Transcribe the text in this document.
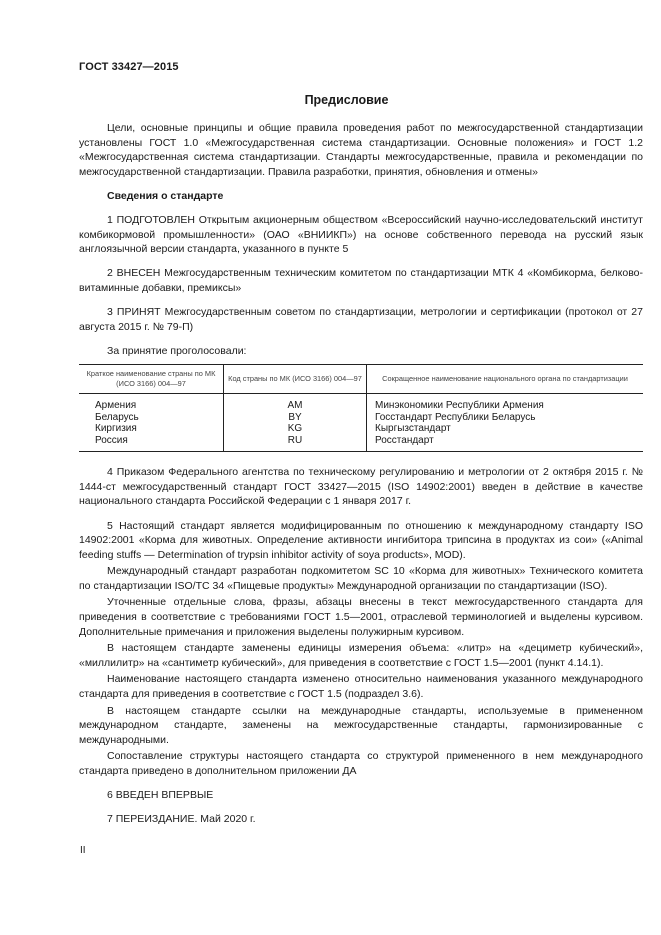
ГОСТ 33427—2015
Предисловие

Цели, основные принципы и общие правила проведения работ по межгосударственной стандартизации установлены ГОСТ 1.0 «Межгосударственная система стандартизации. Основные положения» и ГОСТ 1.2 «Межгосударственная система стандартизации. Стандарты межгосударственные, правила и рекомендации по межгосударственной стандартизации. Правила разработки, принятия, обновления и отмены»

Сведения о стандарте

1 ПОДГОТОВЛЕН Открытым акционерным обществом «Всероссийский научно-исследовательский институт комбикормовой промышленности» (ОАО «ВНИИКП») на основе собственного перевода на русский язык англоязычной версии стандарта, указанного в пункте 5

2 ВНЕСЕН Межгосударственным техническим комитетом по стандартизации МТК 4 «Комбикорма, белково-витаминные добавки, премиксы»

3 ПРИНЯТ Межгосударственным советом по стандартизации, метрологии и сертификации (протокол от 27 августа 2015 г. № 79-П)

За принятие проголосовали:

Краткое наименование страны по МК (ИСО 3166) 004—97	Код страны по МК (ИСО 3166) 004—97	Сокращенное наименование национального органа по стандартизации
Армения	AM	Минэкономики Республики Армения
Беларусь	BY	Госстандарт Республики Беларусь
Киргизия	KG	Кыргызстандарт
Россия	RU	Росстандарт

4 Приказом Федерального агентства по техническому регулированию и метрологии от 2 октября 2015 г. № 1444-ст межгосударственный стандарт ГОСТ 33427—2015 (ISO 14902:2001) введен в действие в качестве национального стандарта Российской Федерации с 1 января 2017 г.

5 Настоящий стандарт является модифицированным по отношению к международному стандарту ISO 14902:2001 «Корма для животных. Определение активности ингибитора трипсина в продуктах из сои» («Animal feeding stuffs — Determination of trypsin inhibitor activity of soya products», MOD).

Международный стандарт разработан подкомитетом SC 10 «Корма для животных» Технического комитета по стандартизации ISO/TC 34 «Пищевые продукты» Международной организации по стандартизации (ISO).

Уточненные отдельные слова, фразы, абзацы внесены в текст межгосударственного стандарта для приведения в соответствие с требованиями ГОСТ 1.5—2001, отраслевой терминологией и выделены курсивом. Дополнительные примечания и приложения выделены полужирным курсивом.

В настоящем стандарте заменены единицы измерения объема: «литр» на «дециметр кубический», «миллилитр» на «сантиметр кубический», для приведения в соответствие с ГОСТ 1.5—2001 (пункт 4.14.1).

Наименование настоящего стандарта изменено относительно наименования указанного международного стандарта для приведения в соответствие с ГОСТ 1.5 (подраздел 3.6).

В настоящем стандарте ссылки на международные стандарты, используемые в примененном международном стандарте, заменены на межгосударственные стандарты, гармонизированные с международными.

Сопоставление структуры настоящего стандарта со структурой примененного в нем международного стандарта приведено в дополнительном приложении ДА

6 ВВЕДЕН ВПЕРВЫЕ

7 ПЕРЕИЗДАНИЕ. Май 2020 г.

II
